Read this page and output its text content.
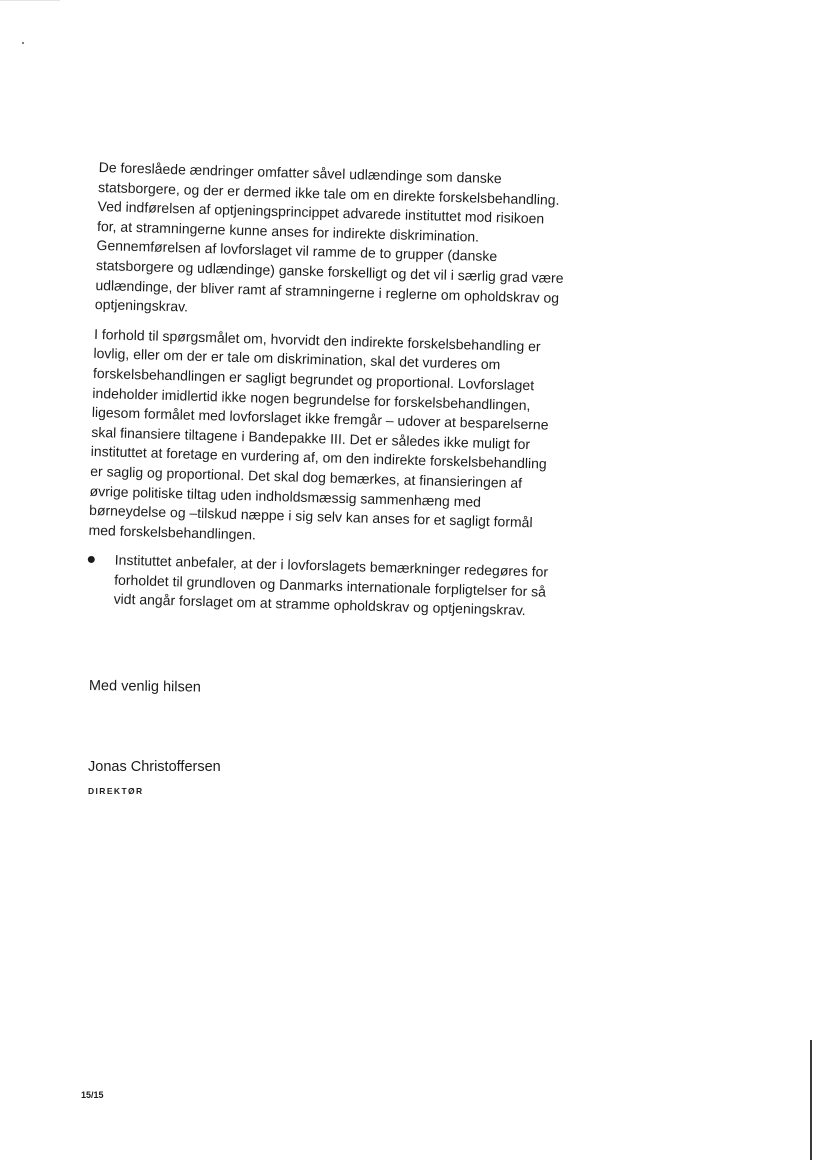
De foreslåede ændringer omfatter såvel udlændinge som danske statsborgere, og der er dermed ikke tale om en direkte forskelsbehandling. Ved indførelsen af optjeningsprincippet advarede instituttet mod risikoen for, at stramningerne kunne anses for indirekte diskrimination. Gennemførelsen af lovforslaget vil ramme de to grupper (danske statsborgere og udlændinge) ganske forskelligt og det vil i særlig grad være udlændinge, der bliver ramt af stramningerne i reglerne om opholdskrav og optjeningskrav.

I forhold til spørgsmålet om, hvorvidt den indirekte forskelsbehandling er lovlig, eller om der er tale om diskrimination, skal det vurderes om forskelsbehandlingen er sagligt begrundet og proportional. Lovforslaget indeholder imidlertid ikke nogen begrundelse for forskelsbehandlingen, ligesom formålet med lovforslaget ikke fremgår – udover at besparelserne skal finansiere tiltagene i Bandepakke III. Det er således ikke muligt for instituttet at foretage en vurdering af, om den indirekte forskelsbehandling er saglig og proportional. Det skal dog bemærkes, at finansieringen af øvrige politiske tiltag uden indholdsmæssig sammenhæng med børneydelse og –tilskud næppe i sig selv kan anses for et sagligt formål med forskelsbehandlingen.

Instituttet anbefaler, at der i lovforslagets bemærkninger redegøres for forholdet til grundloven og Danmarks internationale forpligtelser for så vidt angår forslaget om at stramme opholdskrav og optjeningskrav.
Med venlig hilsen
Jonas Christoffersen
DIREKTØR
15/15
